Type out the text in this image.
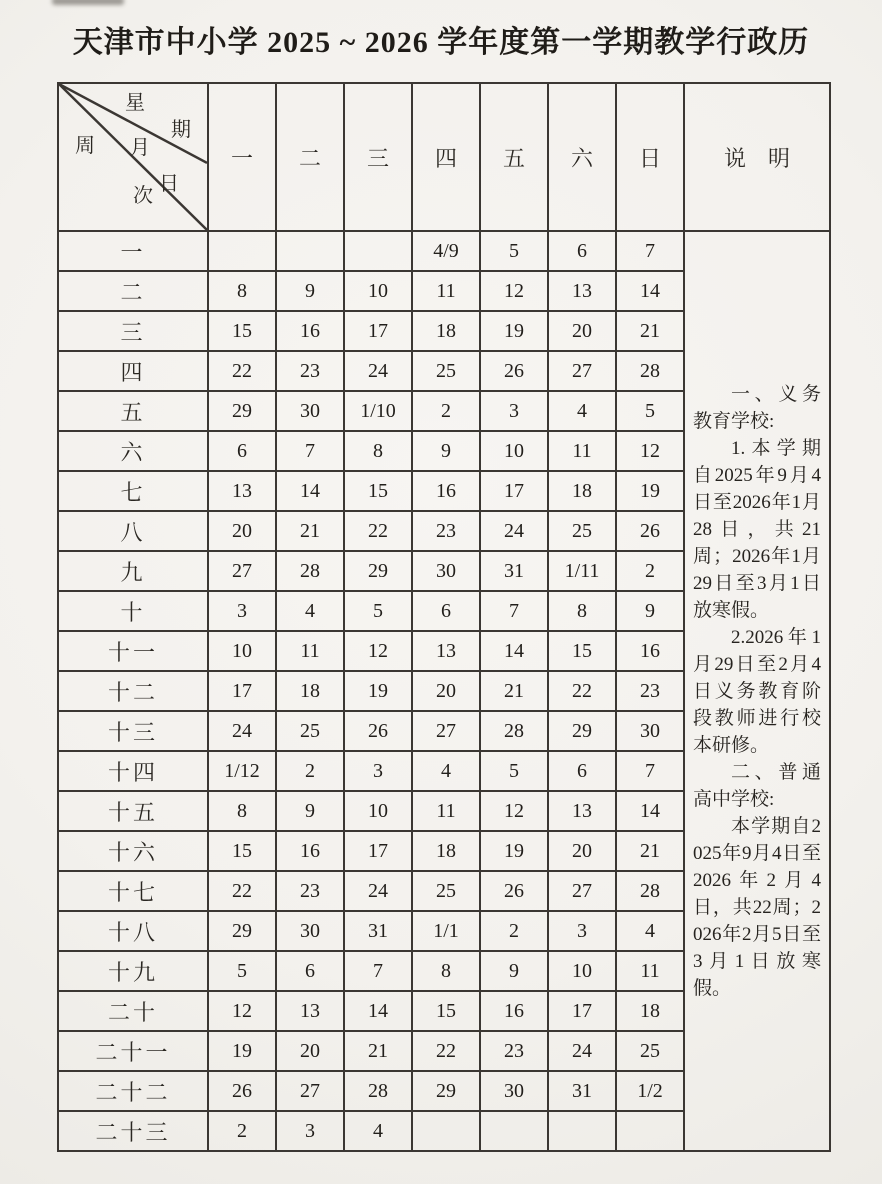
天津市中小学 2025 ~ 2026 学年度第一学期教学行政历
星
期
周 月
日
次
	一	二	三	四	五	六	日	说　明
一				4/9	5	6	7	一、义务教育学校:

1.本学期自2025年9月4日至2026年1月28日，共21周；2026年1月29日至3月1日放寒假。

2.2026年1月29日至2月4日义务教育阶段教师进行校本研修。

二、普通高中学校:

本学期自2025年9月4日至2026年2月4日，共22周；2026年2月5日至3月1日放寒假。

二	8	9	10	11	12	13	14	
三	15	16	17	18	19	20	21	
四	22	23	24	25	26	27	28	
五	29	30	1/10	2	3	4	5	
六	6	7	8	9	10	11	12	
七	13	14	15	16	17	18	19	
八	20	21	22	23	24	25	26	
九	27	28	29	30	31	1/11	2	
十	3	4	5	6	7	8	9	
十一	10	11	12	13	14	15	16	
十二	17	18	19	20	21	22	23	
十三	24	25	26	27	28	29	30	
十四	1/12	2	3	4	5	6	7	
十五	8	9	10	11	12	13	14	
十六	15	16	17	18	19	20	21	
十七	22	23	24	25	26	27	28	
十八	29	30	31	1/1	2	3	4	
十九	5	6	7	8	9	10	11	
二十	12	13	14	15	16	17	18	
二十一	19	20	21	22	23	24	25	
二十二	26	27	28	29	30	31	1/2	
二十三	2	3	4					
